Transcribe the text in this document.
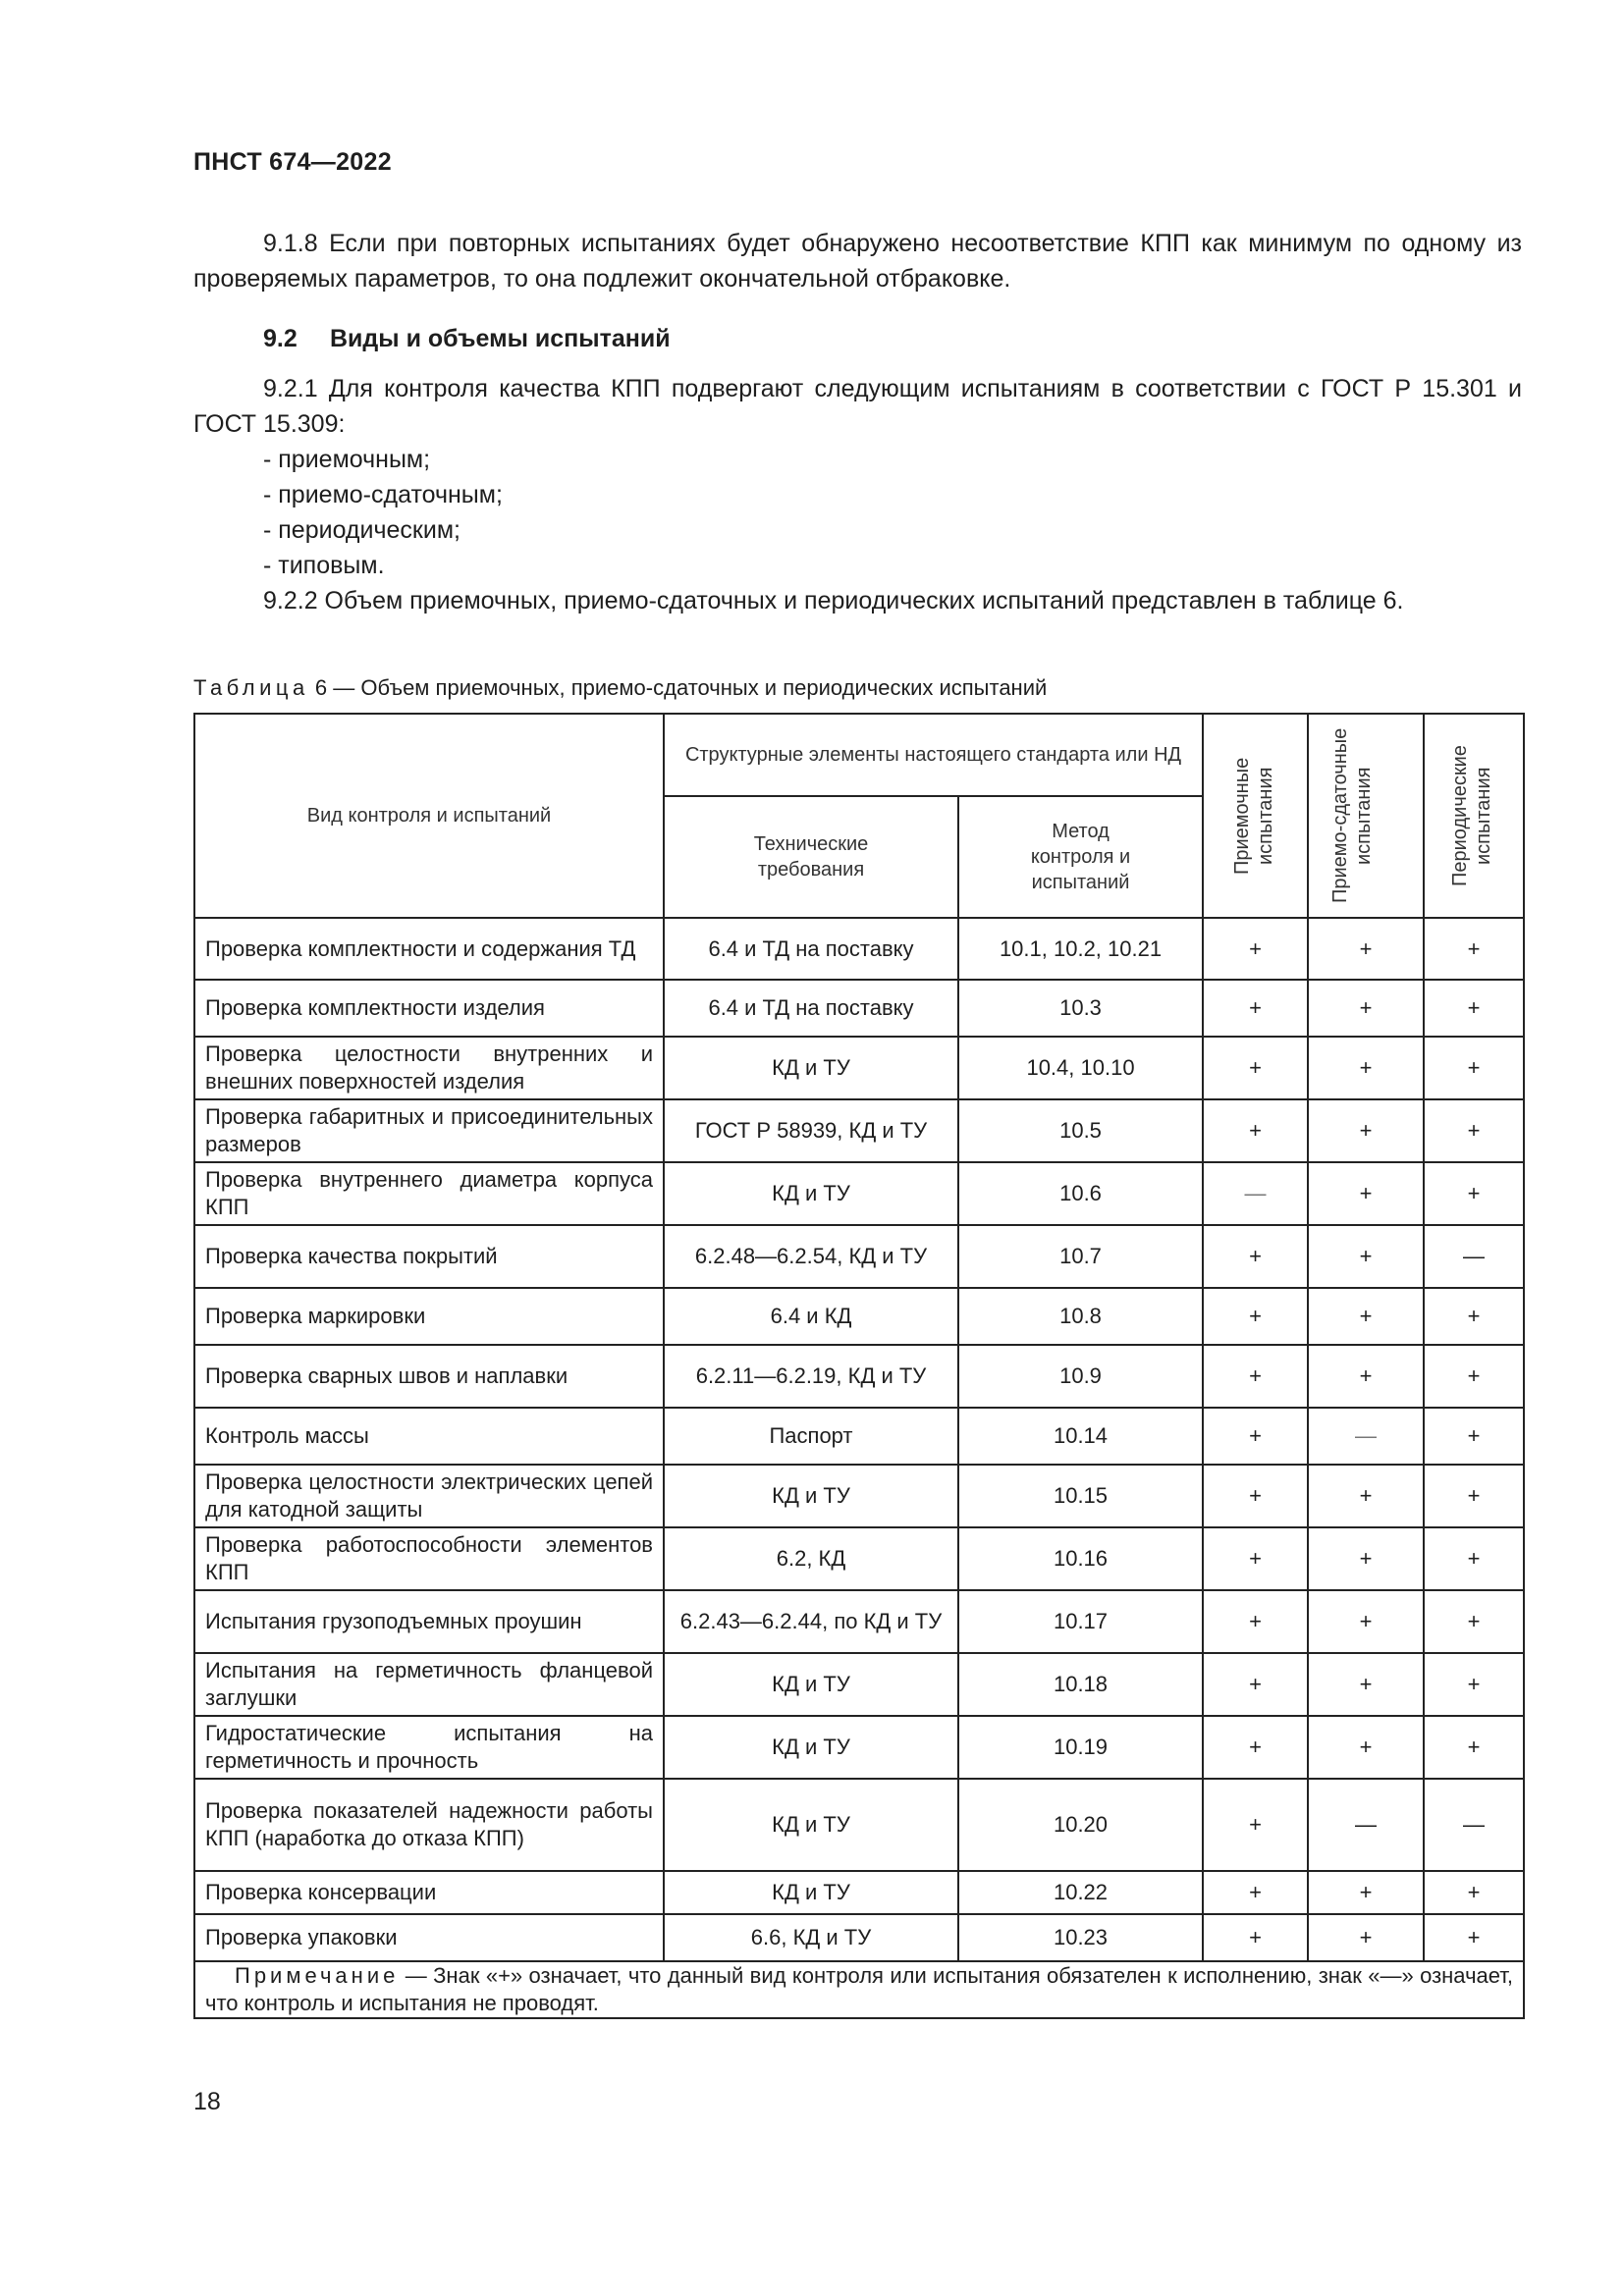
ПНСТ 674—2022
9.1.8 Если при повторных испытаниях будет обнаружено несоответствие КПП как минимум по одному из проверяемых параметров, то она подлежит окончательной отбраковке.
9.2 Виды и объемы испытаний
9.2.1 Для контроля качества КПП подвергают следующим испытаниям в соответствии с ГОСТ Р 15.301 и ГОСТ 15.309:
- приемочным;
- приемо-сдаточным;
- периодическим;
- типовым.
9.2.2 Объем приемочных, приемо-сдаточных и периодических испытаний представлен в таблице 6.
Таблица 6 — Объем приемочных, приемо-сдаточных и периодических испытаний
Вид контроля и испытаний	Структурные элементы настоящего стандарта или НД		Приемочные испытания	Приемо-сдаточные испытания	Периодические испытания

	Технические требования	Метод контроля и испытаний			

Проверка комплектности и содержания ТД	6.4 и ТД на поставку	10.1, 10.2, 10.21	+	+	+
Проверка комплектности изделия	6.4 и ТД на поставку	10.3	+	+	+
Проверка целостности внутренних и внешних поверхностей изделия	КД и ТУ	10.4, 10.10	+	+	+
Проверка габаритных и присоединительных размеров	ГОСТ Р 58939, КД и ТУ	10.5	+	+	+
Проверка внутреннего диаметра корпуса КПП	КД и ТУ	10.6	—	+	+
Проверка качества покрытий	6.2.48—6.2.54, КД и ТУ	10.7	+	+	—
Проверка маркировки	6.4 и КД	10.8	+	+	+
Проверка сварных швов и наплавки	6.2.11—6.2.19, КД и ТУ	10.9	+	+	+
Контроль массы	Паспорт	10.14	+	—	+
Проверка целостности электрических цепей для катодной защиты	КД и ТУ	10.15	+	+	+
Проверка работоспособности элементов КПП	6.2, КД	10.16	+	+	+
Испытания грузоподъемных проушин	6.2.43—6.2.44, по КД и ТУ	10.17	+	+	+
Испытания на герметичность фланцевой заглушки	КД и ТУ	10.18	+	+	+
Гидростатические испытания на герметичность и прочность	КД и ТУ	10.19	+	+	+
Проверка показателей надежности работы КПП (наработка до отказа КПП)	КД и ТУ	10.20	+	—	—
Проверка консервации	КД и ТУ	10.22	+	+	+
Проверка упаковки	6.6, КД и ТУ	10.23	+	+	+
Примечание — Знак «+» означает, что данный вид контроля или испытания обязателен к исполнению, знак «—» означает, что контроль и испытания не проводят.					
18
